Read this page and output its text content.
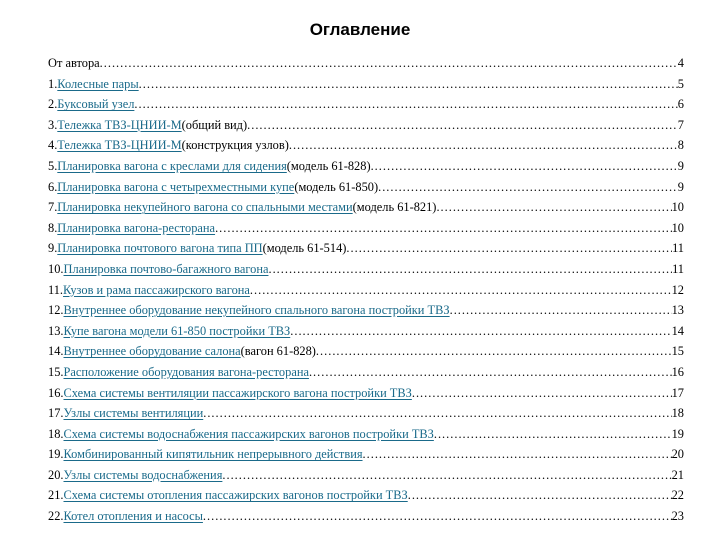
Оглавление
От автора .....	4
1. Колесные пары .....	5
2. Буксовый узел .....	6
3. Тележка ТВЗ-ЦНИИ-М (общий вид) .....	7
4. Тележка ТВЗ-ЦНИИ-М (конструкция узлов) .....	8
5. Планировка вагона с креслами для сидения (модель 61-828) .....	9
6. Планировка вагона с четырехместными купе (модель 61-850) .....	9
7. Планировка некупейного вагона со спальными местами (модель 61-821) .....	10
8. Планировка вагона-ресторана .....	10
9. Планировка почтового вагона типа ПП (модель 61-514) .....	11
10. Планировка почтово-багажного вагона .....	11
11. Кузов и рама пассажирского вагона .....	12
12. Внутреннее оборудование некупейного спального вагона постройки ТВЗ .....	13
13. Купе вагона модели 61-850 постройки ТВЗ .....	14
14. Внутреннее оборудование салона (вагон 61-828) .....	15
15. Расположение оборудования вагона-ресторана .....	16
16. Схема системы вентиляции пассажирского вагона постройки ТВЗ .....	17
17. Узлы системы вентиляции .....	18
18. Схема системы водоснабжения пассажирских вагонов постройки ТВЗ .....	19
19. Комбинированный кипятильник непрерывного действия .....	20
20. Узлы системы водоснабжения .....	21
21. Схема системы отопления пассажирских вагонов постройки ТВЗ .....	22
22. Котел отопления и насосы .....	23
